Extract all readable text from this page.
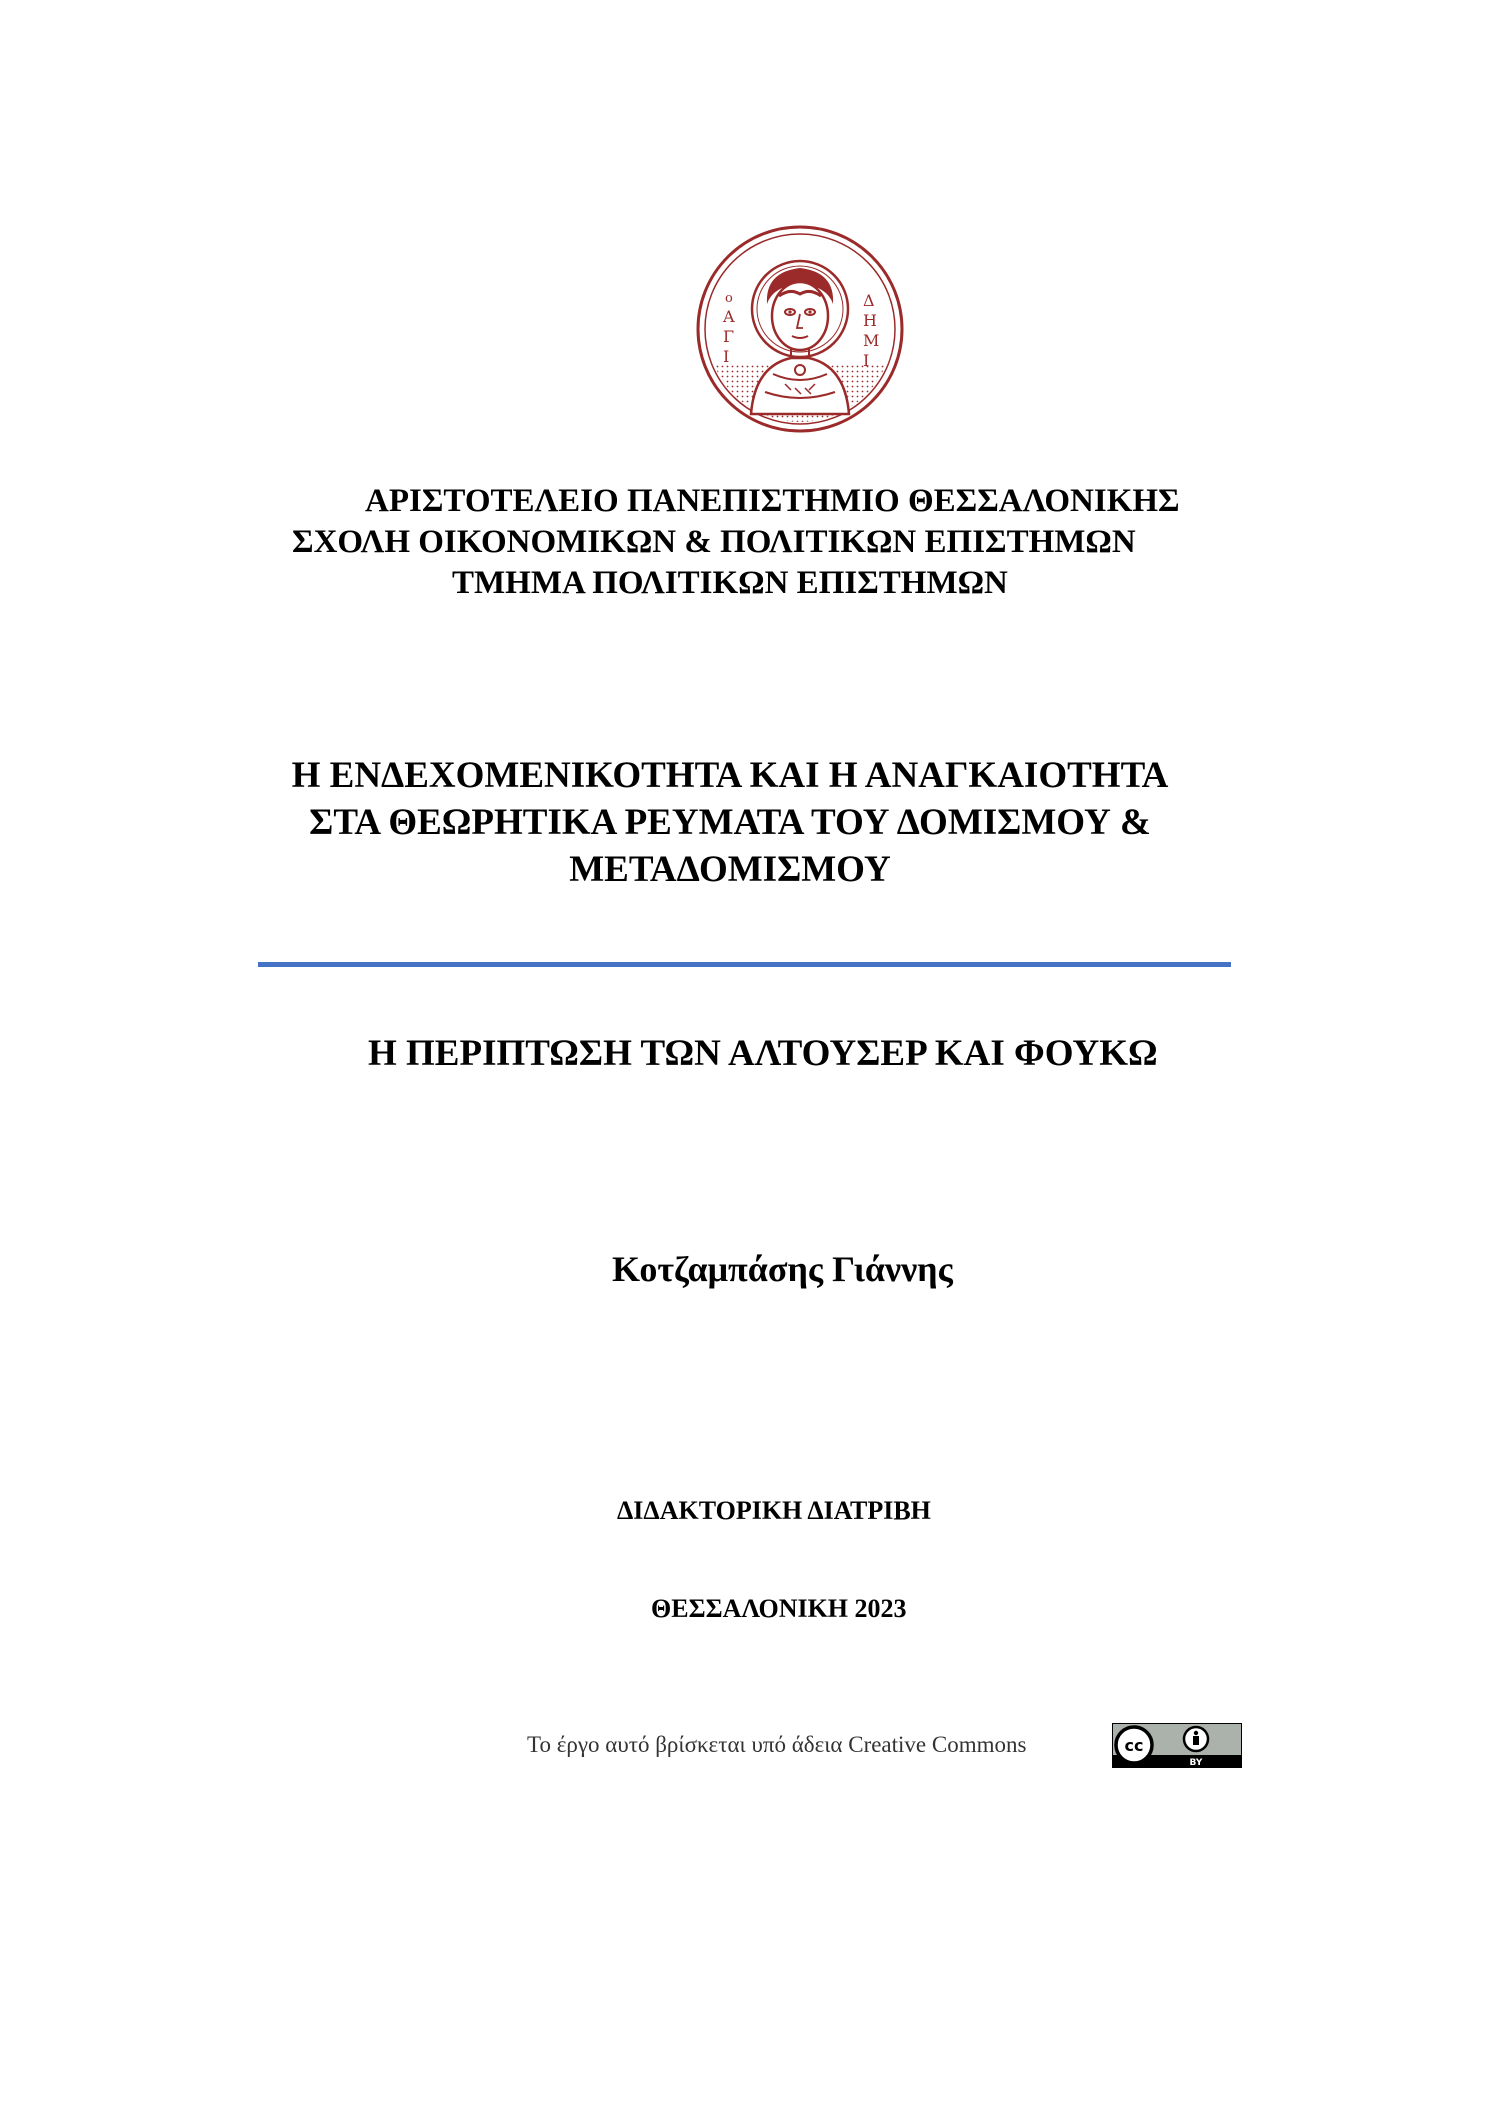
ο
Α
Γ
Ι
Δ
Η
Μ
Ι
ΑΡΙΣΤΟΤΕΛΕΙΟ ΠΑΝΕΠΙΣΤΗΜΙΟ ΘΕΣΣΑΛΟΝΙΚΗΣ
ΣΧΟΛΗ ΟΙΚΟΝΟΜΙΚΩΝ & ΠΟΛΙΤΙΚΩΝ ΕΠΙΣΤΗΜΩΝ
ΤΜΗΜΑ ΠΟΛΙΤΙΚΩΝ ΕΠΙΣΤΗΜΩΝ
Η ΕΝΔΕΧΟΜΕΝΙΚΟΤΗΤΑ ΚΑΙ Η ΑΝΑΓΚΑΙΟΤΗΤΑ
ΣΤΑ ΘΕΩΡΗΤΙΚΑ ΡΕΥΜΑΤΑ ΤΟΥ ΔΟΜΙΣΜΟΥ &
ΜΕΤΑΔΟΜΙΣΜΟΥ
Η ΠΕΡΙΠΤΩΣΗ ΤΩΝ ΑΛΤΟΥΣΕΡ ΚΑΙ ΦΟΥΚΩ
Κοτζαμπάσης Γιάννης
ΔΙΔΑΚΤΟΡΙΚΗ ΔΙΑΤΡΙΒΗ
ΘΕΣΣΑΛΟΝΙΚΗ 2023
Το έργο αυτό βρίσκεται υπό άδεια Creative Commons	cc
BY
